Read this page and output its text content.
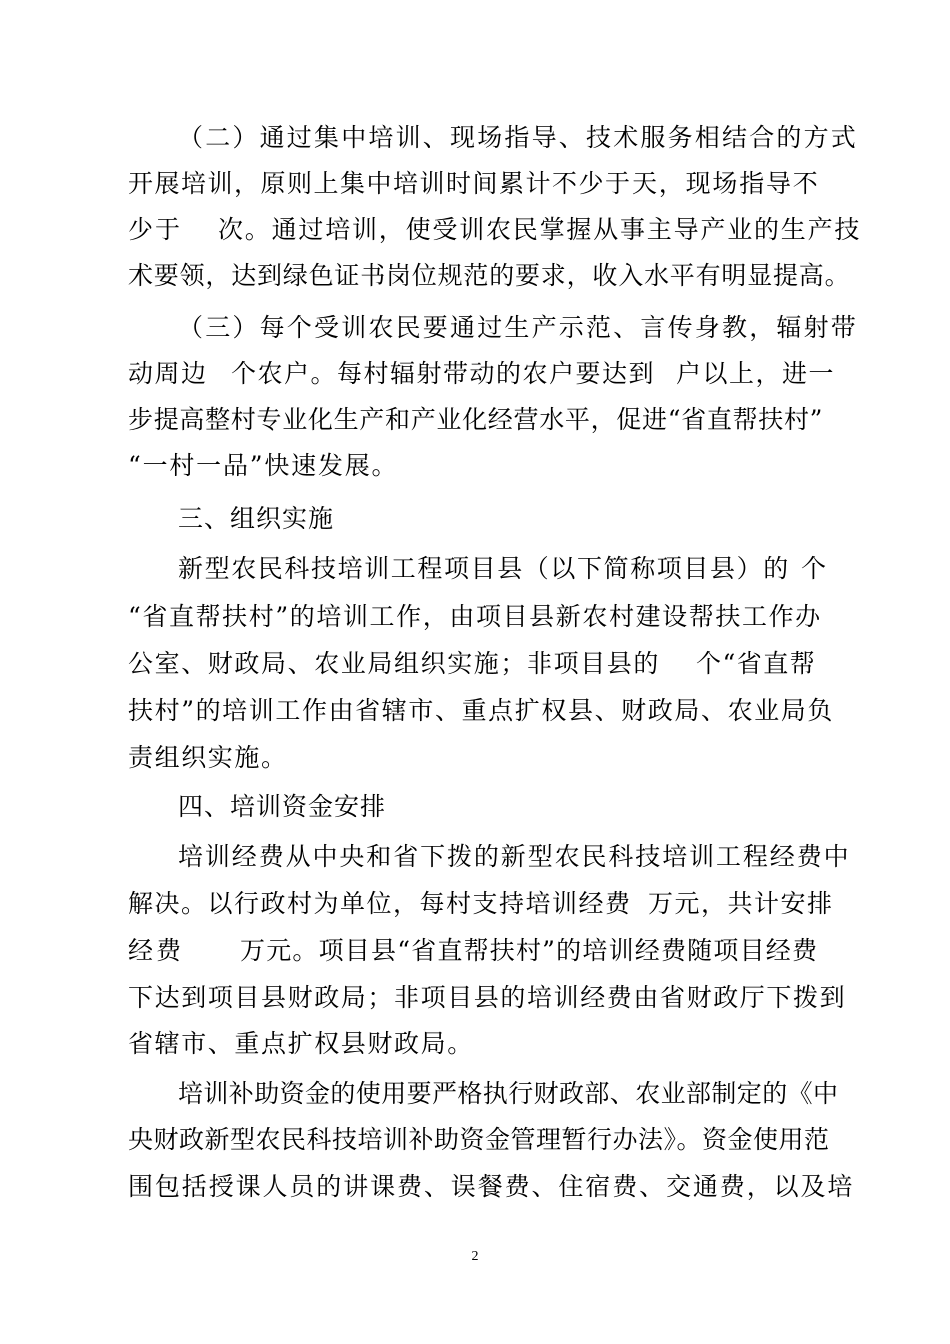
（二）通过集中培训、现场指导、技术服务相结合的方式

开展培训，原则上集中培训时间累计不少于

天，现场指导不

少于

次。通过培训，使受训农民掌握从事主导产业的生产技

术要领，达到绿色证书岗位规范的要求，收入水平有明显提高。

（三）每个受训农民要通过生产示范、言传身教，辐射带

动周边

个农户。每村辐射带动的农户要达到

户以上，进一

步提高整村专业化生产和产业化经营水平，促进“省直帮扶村”

“一村一品”快速发展。

三、组织实施

新型农民科技培训工程项目县（以下简称项目县）的

个

“省直帮扶村”的培训工作，由项目县新农村建设帮扶工作办

公室、财政局、农业局组织实施；非项目县的

个“省直帮

扶村”的培训工作由省辖市、重点扩权县、财政局、农业局负

责组织实施。

四、培训资金安排

培训经费从中央和省下拨的新型农民科技培训工程经费中

解决。以行政村为单位，每村支持培训经费

万元，共计安排

经费

万元。项目县“省直帮扶村”的培训经费随项目经费

下达到项目县财政局；非项目县的培训经费由省财政厅下拨到

省辖市、重点扩权县财政局。

培训补助资金的使用要严格执行财政部、农业部制定的《中

央财政新型农民科技培训补助资金管理暂行办法》。资金使用范

围包括授课人员的讲课费、误餐费、住宿费、交通费，以及培

2
